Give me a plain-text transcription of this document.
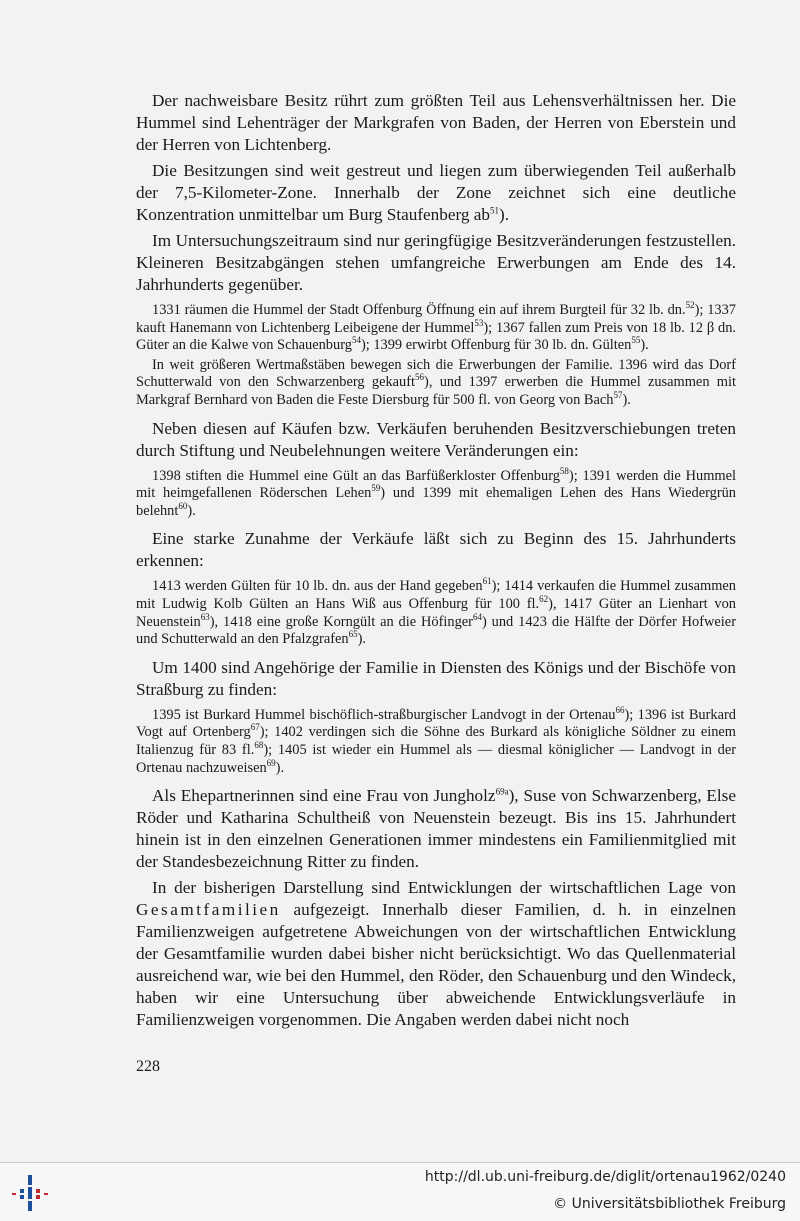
Der nachweisbare Besitz rührt zum größten Teil aus Lehensverhältnissen her. Die Hummel sind Lehenträger der Markgrafen von Baden, der Herren von Eberstein und der Herren von Lichtenberg.

Die Besitzungen sind weit gestreut und liegen zum überwiegenden Teil außerhalb der 7,5-Kilometer-Zone. Innerhalb der Zone zeichnet sich eine deutliche Konzentration unmittelbar um Burg Staufenberg $ab^{51}$).

Im Untersuchungszeitraum sind nur geringfügige Besitzveränderungen festzustellen. Kleineren Besitzabgängen stehen umfangreiche Erwerbungen am Ende des 14. Jahrhunderts gegenüber.

1331 räumen die Hummel der Stadt Offenburg Öffnung ein auf ihrem Burgteil für 32 lb. dn.$^{52}$); 1337 kauft Hanemann von Lichtenberg Leibeigene der Hummel$^{53}$); 1367 fallen zum Preis von 18 lb. 12 β dn. Güter an die Kalwe von Schauenburg$^{54}$); 1399 erwirbt Offenburg für 30 lb. dn. Gülten$^{55}$).

In weit größeren Wertmaßstäben bewegen sich die Erwerbungen der Familie. 1396 wird das Dorf Schutterwald von den Schwarzenberg gekauft$^{56}$), und 1397 erwerben die Hummel zusammen mit Markgraf Bernhard von Baden die Feste Diersburg für 500 fl. von Georg von Bach$^{57}$).

Neben diesen auf Käufen bzw. Verkäufen beruhenden Besitzverschiebungen treten durch Stiftung und Neubelehnungen weitere Veränderungen ein:

1398 stiften die Hummel eine Gült an das Barfüßerkloster Offenburg$^{58}$); 1391 werden die Hummel mit heimgefallenen Röderschen Lehen$^{59}$) und 1399 mit ehemaligen Lehen des Hans Wiedergrün belehnt$^{60}$).

Eine starke Zunahme der Verkäufe läßt sich zu Beginn des 15. Jahrhunderts erkennen:

1413 werden Gülten für 10 lb. dn. aus der Hand gegeben$^{61}$); 1414 verkaufen die Hummel zusammen mit Ludwig Kolb Gülten an Hans Wiß aus Offenburg für 100 fl.$^{62}$), 1417 Güter an Lienhart von Neuenstein$^{63}$), 1418 eine große Korngült an die Höfinger$^{64}$) und 1423 die Hälfte der Dörfer Hofweier und Schutterwald an den Pfalzgrafen$^{65}$).

Um 1400 sind Angehörige der Familie in Diensten des Königs und der Bischöfe von Straßburg zu finden:

1395 ist Burkard Hummel bischöflich-straßburgischer Landvogt in der Ortenau$^{66}$); 1396 ist Burkard Vogt auf Ortenberg$^{67}$); 1402 verdingen sich die Söhne des Burkard als königliche Söldner zu einem Italienzug für 83 fl.$^{68}$); 1405 ist wieder ein Hummel als — diesmal königlicher — Landvogt in der Ortenau nachzuweisen$^{69}$).

Als Ehepartnerinnen sind eine Frau von Jungholz$^{69a}$), Suse von Schwarzenberg, Else Röder und Katharina Schultheiß von Neuenstein bezeugt. Bis ins 15. Jahrhundert hinein ist in den einzelnen Generationen immer mindestens ein Familienmitglied mit der Standesbezeichnung Ritter zu finden.

In der bisherigen Darstellung sind Entwicklungen der wirtschaftlichen Lage von Gesamtfamilien aufgezeigt. Innerhalb dieser Familien, d. h. in einzelnen Familienzweigen aufgetretene Abweichungen von der wirtschaftlichen Entwicklung der Gesamtfamilie wurden dabei bisher nicht berücksichtigt. Wo das Quellenmaterial ausreichend war, wie bei den Hummel, den Röder, den Schauenburg und den Windeck, haben wir eine Untersuchung über abweichende Entwicklungsverläufe in Familienzweigen vorgenommen. Die Angaben werden dabei nicht noch

228
http://dl.ub.uni-freiburg.de/diglit/ortenau1962/0240
© Universitätsbibliothek Freiburg
